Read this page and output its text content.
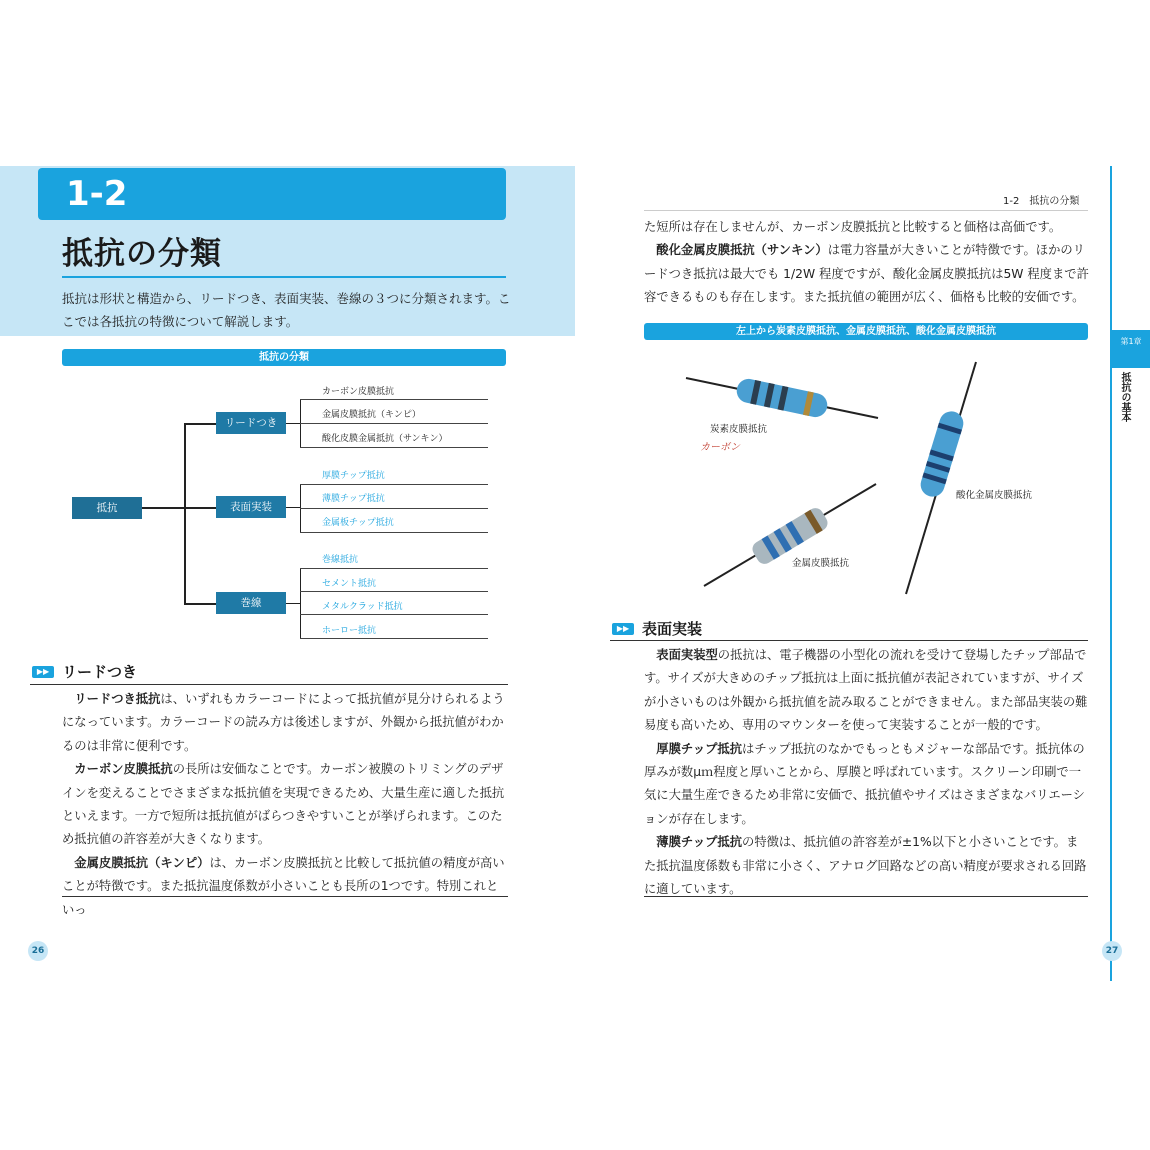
1-2
抵抗の分類
抵抗は形状と構造から、リードつき、表面実装、巻線の３つに分類されます。ここでは各抵抗の特徴について解説します。
抵抗の分類
抵抗
リードつき
表面実装
巻線
カーボン皮膜抵抗
金属皮膜抵抗（キンピ）
酸化皮膜金属抵抗（サンキン）
厚膜チップ抵抗
薄膜チップ抵抗
金属板チップ抵抗
巻線抵抗
セメント抵抗
メタルクラッド抵抗
ホーロー抵抗
▶▶ リードつき

リードつき抵抗は、いずれもカラーコードによって抵抗値が見分けられるようになっています。カラーコードの読み方は後述しますが、外観から抵抗値がわかるのは非常に便利です。

カーボン皮膜抵抗の長所は安価なことです。カーボン被膜のトリミングのデザインを変えることでさまざまな抵抗値を実現できるため、大量生産に適した抵抗といえます。一方で短所は抵抗値がばらつきやすいことが挙げられます。このため抵抗値の許容差が大きくなります。

金属皮膜抵抗（キンピ）は、カーボン皮膜抵抗と比較して抵抗値の精度が高いことが特徴です。また抵抗温度係数が小さいことも長所の1つです。特別これといっ

26
1-2　抵抗の分類
第1章
抵抗の基本

た短所は存在しませんが、カーボン皮膜抵抗と比較すると価格は高価です。

酸化金属皮膜抵抗（サンキン）は電力容量が大きいことが特徴です。ほかのリードつき抵抗は最大でも 1/2W 程度ですが、酸化金属皮膜抵抗は5W 程度まで許容できるものも存在します。また抵抗値の範囲が広く、価格も比較的安価です。

左上から炭素皮膜抵抗、金属皮膜抵抗、酸化金属皮膜抵抗
炭素皮膜抵抗
カーボン
酸化金属皮膜抵抗
金属皮膜抵抗
▶▶ 表面実装

表面実装型の抵抗は、電子機器の小型化の流れを受けて登場したチップ部品です。サイズが大きめのチップ抵抗は上面に抵抗値が表記されていますが、サイズが小さいものは外観から抵抗値を読み取ることができません。また部品実装の難易度も高いため、専用のマウンターを使って実装することが一般的です。

厚膜チップ抵抗はチップ抵抗のなかでもっともメジャーな部品です。抵抗体の厚みが数μｍ程度と厚いことから、厚膜と呼ばれています。スクリーン印刷で一気に大量生産できるため非常に安価で、抵抗値やサイズはさまざまなバリエーションが存在します。

薄膜チップ抵抗の特徴は、抵抗値の許容差が±1%以下と小さいことです。また抵抗温度係数も非常に小さく、アナログ回路などの高い精度が要求される回路に適しています。

27
